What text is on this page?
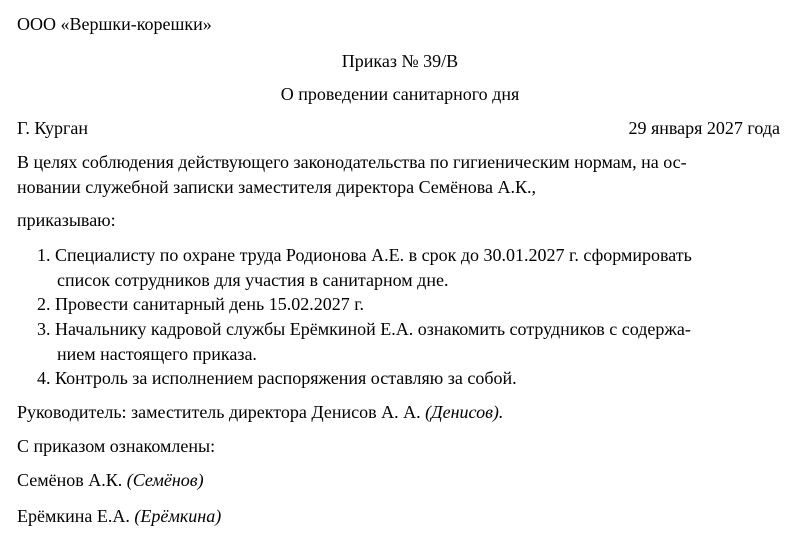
ООО «Вершки-корешки»
Приказ № 39/В
О проведении санитарного дня
Г. Курган	29 января 2027 года
В целях соблюдения действующего законодательства по гигиеническим нормам, на ос-
новании служебной записки заместителя директора Семёнова А.К.,
приказываю:
1. Специалисту по охране труда Родионова А.Е. в срок до 30.01.2027 г. сформировать
список сотрудников для участия в санитарном дне.
2. Провести санитарный день 15.02.2027 г.
3. Начальнику кадровой службы Ерёмкиной Е.А. ознакомить сотрудников с содержа-
нием настоящего приказа.
4. Контроль за исполнением распоряжения оставляю за собой.
Руководитель: заместитель директора Денисов А. А. (Денисов).
С приказом ознакомлены:
Семёнов А.К. (Семёнов)
Ерёмкина Е.А. (Ерёмкина)
